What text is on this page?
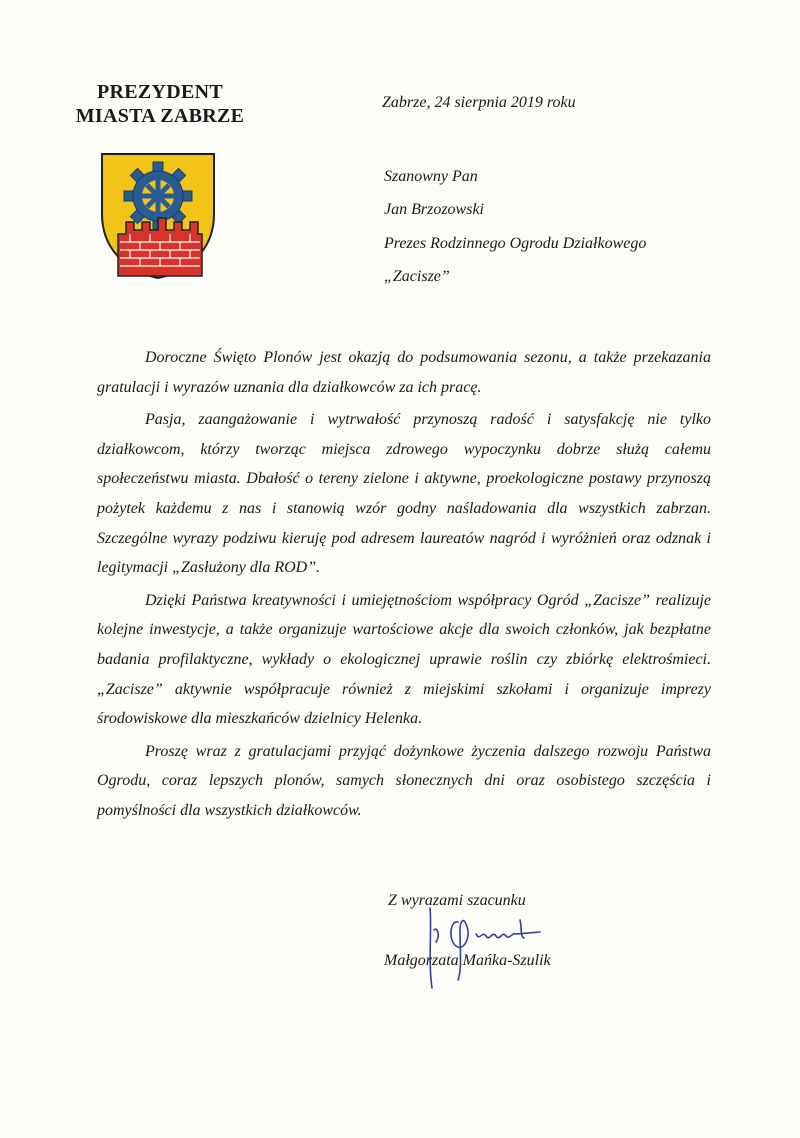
PREZYDENT
MIASTA ZABRZE
Zabrze, 24 sierpnia 2019 roku
Szanowny Pan
Jan Brzozowski
Prezes Rodzinnego Ogrodu Działkowego
„Zacisze”

Doroczne Święto Plonów jest okazją do podsumowania sezonu, a także przekazania gratulacji i wyrazów uznania dla działkowców za ich pracę.

Pasja, zaangażowanie i wytrwałość przynoszą radość i satysfakcję nie tylko działkowcom, którzy tworząc miejsca zdrowego wypoczynku dobrze służą całemu społeczeństwu miasta. Dbałość o tereny zielone i aktywne, proekologiczne postawy przynoszą pożytek każdemu z nas i stanowią wzór godny naśladowania dla wszystkich zabrzan. Szczególne wyrazy podziwu kieruję pod adresem laureatów nagród i wyróżnień oraz odznak i legitymacji „Zasłużony dla ROD”.

Dzięki Państwa kreatywności i umiejętnościom współpracy Ogród „Zacisze” realizuje kolejne inwestycje, a także organizuje wartościowe akcje dla swoich członków, jak bezpłatne badania profilaktyczne, wykłady o ekologicznej uprawie roślin czy zbiórkę elektrośmieci. „Zacisze” aktywnie współpracuje również z miejskimi szkołami i organizuje imprezy środowiskowe dla mieszkańców dzielnicy Helenka.

Proszę wraz z gratulacjami przyjąć dożynkowe życzenia dalszego rozwoju Państwa Ogrodu, coraz lepszych plonów, samych słonecznych dni oraz osobistego szczęścia i pomyślności dla wszystkich działkowców.

Z wyrazami szacunku
Małgorzata Mańka-Szulik
